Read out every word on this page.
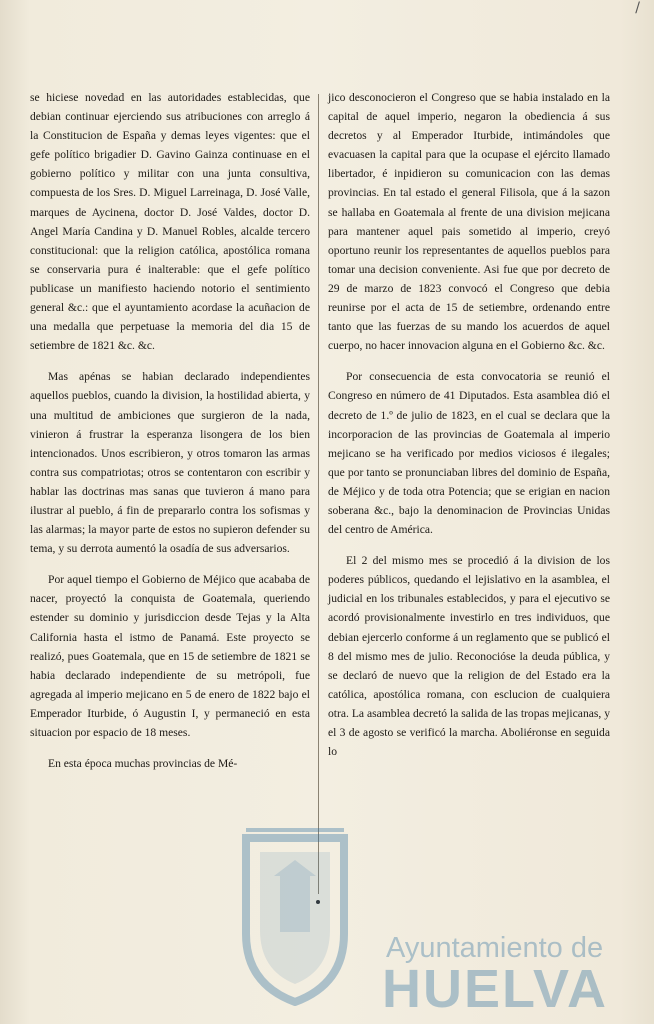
/

se hiciese novedad en las autoridades establecidas, que debian continuar ejerciendo sus atribuciones con arreglo á la Constitucion de España y demas leyes vigentes: que el gefe político brigadier D. Gavino Gainza continuase en el gobierno político y militar con una junta consultiva, compuesta de los Sres. D. Miguel Larreinaga, D. José Valle, marques de Aycinena, doctor D. José Valdes, doctor D. Angel María Candina y D. Manuel Robles, alcalde tercero constitucional: que la religion católica, apostólica romana se conservaria pura é inalterable: que el gefe político publicase un manifiesto haciendo notorio el sentimiento general &c.: que el ayuntamiento acordase la acuñacion de una medalla que perpetuase la memoria del dia 15 de setiembre de 1821 &c. &c.

Mas apénas se habian declarado independientes aquellos pueblos, cuando la division, la hostilidad abierta, y una multitud de ambiciones que surgieron de la nada, vinieron á frustrar la esperanza lisongera de los bien intencionados. Unos escribieron, y otros tomaron las armas contra sus compatriotas; otros se contentaron con escribir y hablar las doctrinas mas sanas que tuvieron á mano para ilustrar al pueblo, á fin de prepararlo contra los sofismas y las alarmas; la mayor parte de estos no supieron defender su tema, y su derrota aumentó la osadía de sus adversarios.

Por aquel tiempo el Gobierno de Méjico que acababa de nacer, proyectó la conquista de Goatemala, queriendo estender su dominio y jurisdiccion desde Tejas y la Alta California hasta el istmo de Panamá. Este proyecto se realizó, pues Goatemala, que en 15 de setiembre de 1821 se habia declarado independiente de su metrópoli, fue agregada al imperio mejicano en 5 de enero de 1822 bajo el Emperador Iturbide, ó Augustin I, y permaneció en esta situacion por espacio de 18 meses.

En esta época muchas provincias de Mé-

jico desconocieron el Congreso que se habia instalado en la capital de aquel imperio, negaron la obediencia á sus decretos y al Emperador Iturbide, intimándoles que evacuasen la capital para que la ocupase el ejército llamado libertador, é inpidieron su comunicacion con las demas provincias. En tal estado el general Filisola, que á la sazon se hallaba en Goatemala al frente de una division mejicana para mantener aquel pais sometido al imperio, creyó oportuno reunir los representantes de aquellos pueblos para tomar una decision conveniente. Asi fue que por decreto de 29 de marzo de 1823 convocó el Congreso que debia reunirse por el acta de 15 de setiembre, ordenando entre tanto que las fuerzas de su mando los acuerdos de aquel cuerpo, no hacer innovacion alguna en el Gobierno &c. &c.

Por consecuencia de esta convocatoria se reunió el Congreso en número de 41 Diputados. Esta asamblea dió el decreto de 1.º de julio de 1823, en el cual se declara que la incorporacion de las provincias de Goatemala al imperio mejicano se ha verificado por medios viciosos é ilegales; que por tanto se pronunciaban libres del dominio de España, de Méjico y de toda otra Potencia; que se erigian en nacion soberana &c., bajo la denominacion de Provincias Unidas del centro de América.

El 2 del mismo mes se procedió á la division de los poderes públicos, quedando el lejislativo en la asamblea, el judicial en los tribunales establecidos, y para el ejecutivo se acordó provisionalmente investirlo en tres individuos, que debian ejercerlo conforme á un reglamento que se publicó el 8 del mismo mes de julio. Reconocióse la deuda pública, y se declaró de nuevo que la religion de del Estado era la católica, apostólica romana, con esclucion de cualquiera otra. La asamblea decretó la salida de las tropas mejicanas, y el 3 de agosto se verificó la marcha. Aboliéronse en seguida lo

Ayuntamiento de
HUELVA
